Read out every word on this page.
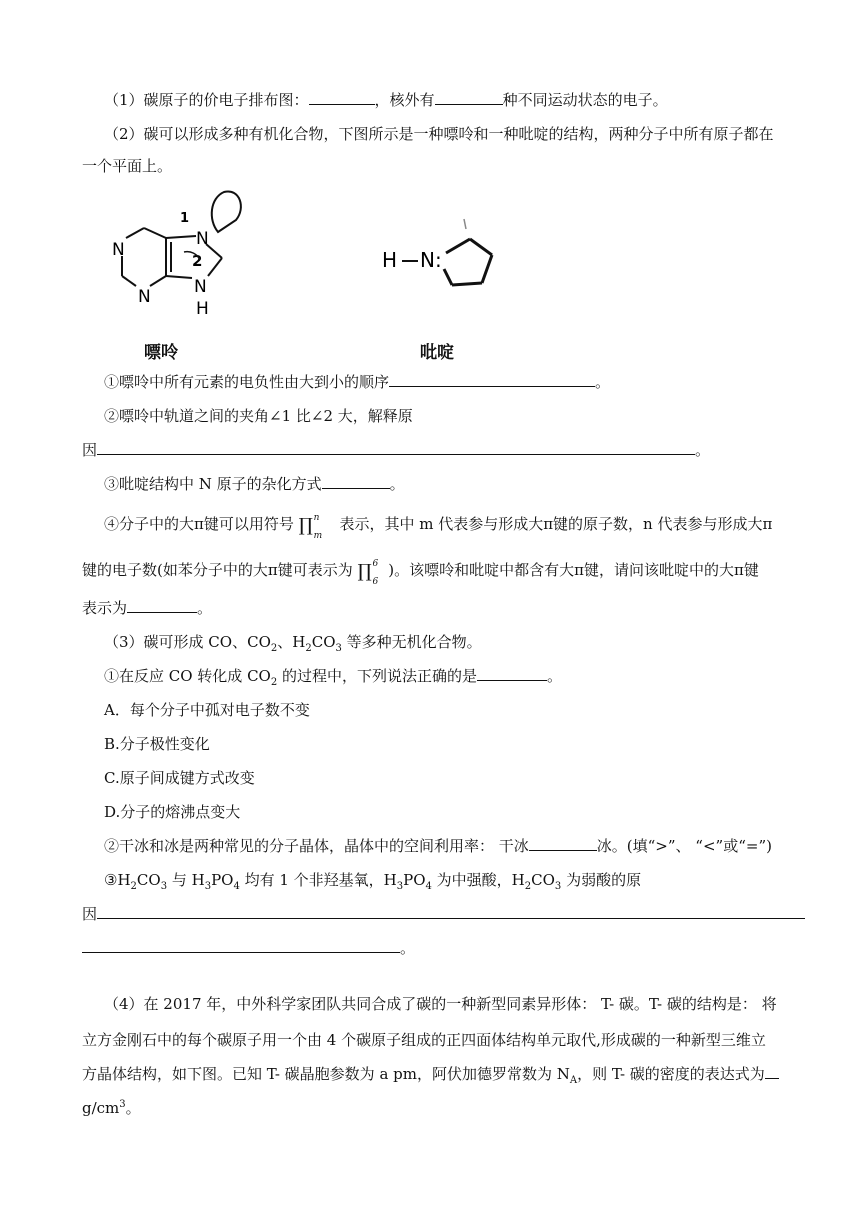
（1）碳原子的价电子排布图：	，核外有	种不同运动状态的电子。
（2）碳可以形成多种有机化合物，下图所示是一种嘌呤和一种吡啶的结构，两种分子中所有原子都在
一个平面上。
N
N
N
N
H
1
2
嘌呤
H N:
吡啶
①嘌呤中所有元素的电负性由大到小的顺序	。
②嘌呤中轨道之间的夹角∠1 比∠2 大，解释原
因	。
③吡啶结构中 N 原子的杂化方式	。
④分子中的大π键可以用符号 ∏ n
m
表示，其中 m 代表参与形成大π键的原子数，n 代表参与形成大π
键的电子数(如苯分子中的大π键可表示为 ∏ 6
6
)。该嘌呤和吡啶中都含有大π键，请问该吡啶中的大π键
表示为	。
（3）碳可形成 CO、$CO_2$、$H_2CO_3$ 等多种无机化合物。
①在反应 CO 转化成 $CO_2$ 的过程中，下列说法正确的是	。
A．每个分子中孤对电子数不变
B.分子极性变化
C.原子间成键方式改变
D.分子的熔沸点变大
②干冰和冰是两种常见的分子晶体，晶体中的空间利用率： 干冰	冰。(填“>”、 “<”或“=”)
$③H_2CO_3$ 与 $H_3PO_4$ 均有 1 个非羟基氧，$H_3PO_4$ 为中强酸，$H_2CO_3$ 为弱酸的原
因
。
（4）在 2017 年，中外科学家团队共同合成了碳的一种新型同素异形体： T- 碳。T- 碳的结构是： 将
立方金刚石中的每个碳原子用一个由 4 个碳原子组成的正四面体结构单元取代,形成碳的一种新型三维立
方晶体结构，如下图。已知 T- 碳晶胞参数为 a pm，阿伏加德罗常数为 $N_A$，则 T- 碳的密度的表达式为
$g/cm^3$。
